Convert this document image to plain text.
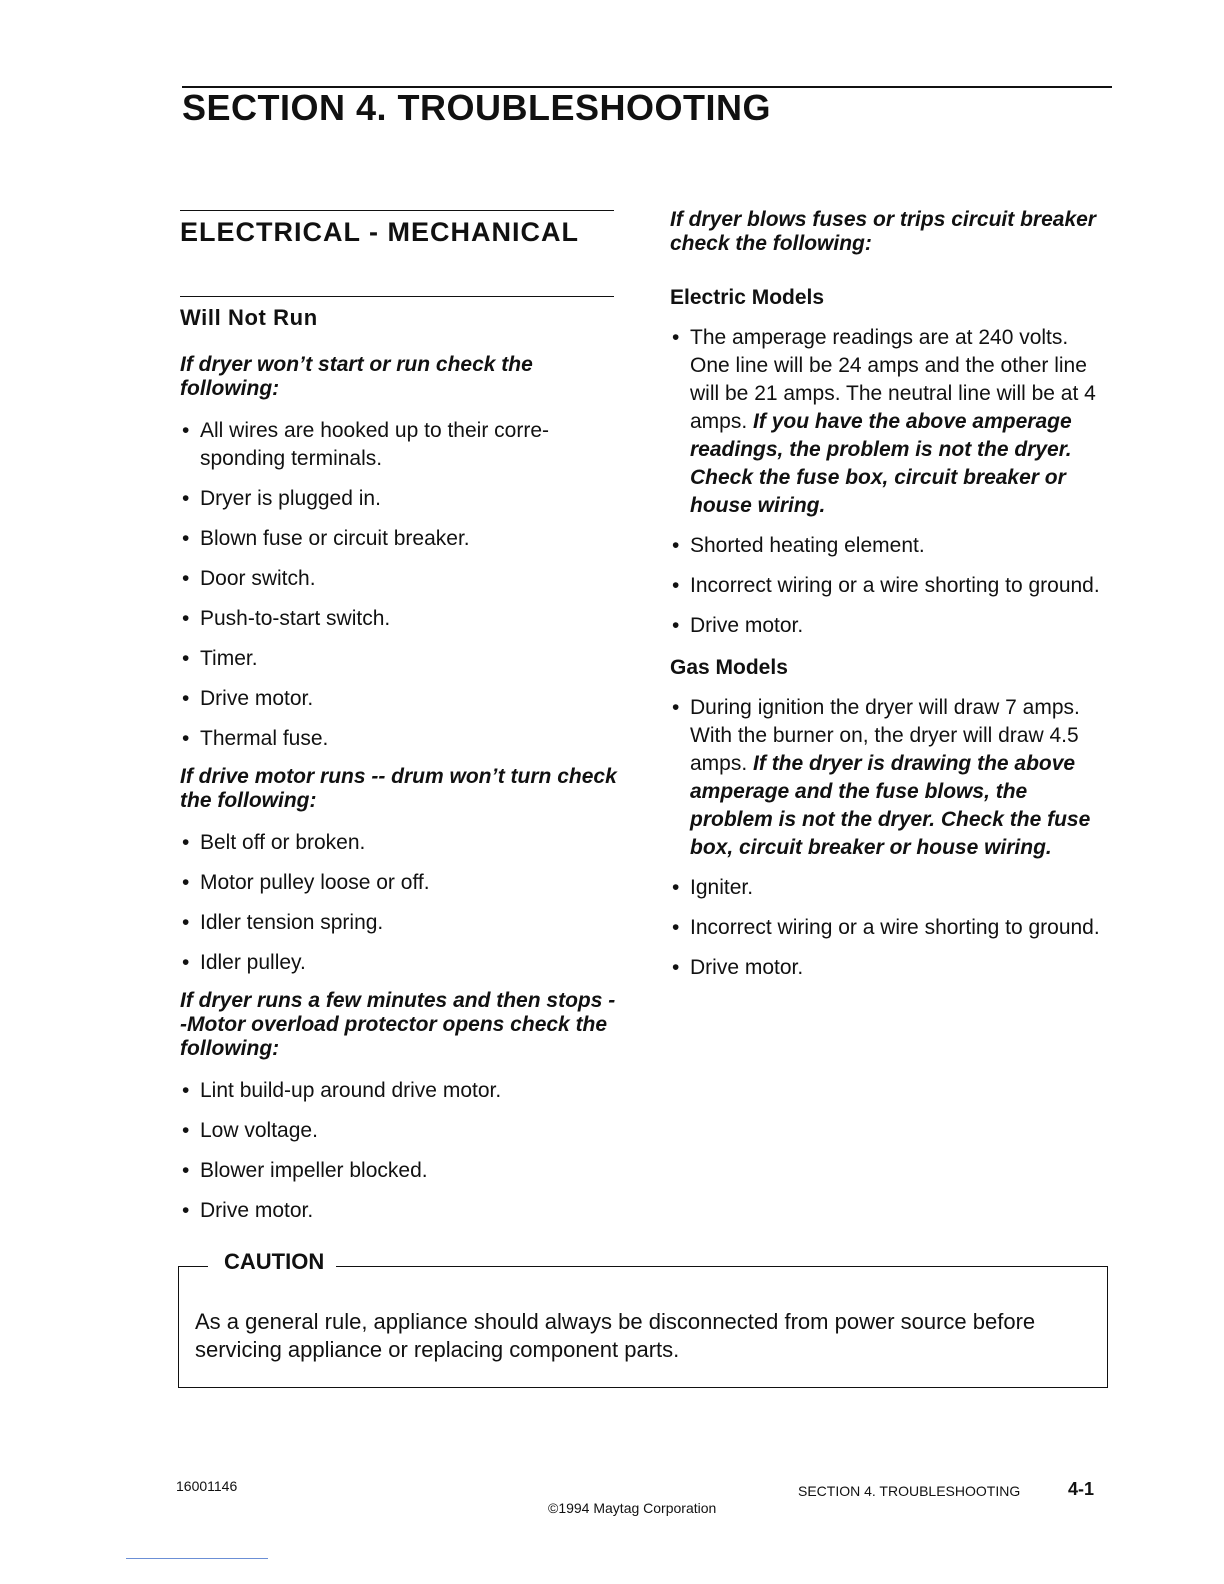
SECTION 4. TROUBLESHOOTING
ELECTRICAL - MECHANICAL
Will Not Run
If dryer won’t start or run check the following:
• All wires are hooked up to their corre-sponding terminals.
• Dryer is plugged in.
• Blown fuse or circuit breaker.
• Door switch.
• Push-to-start switch.
• Timer.
• Drive motor.
• Thermal fuse.
If drive motor runs -- drum won’t turn check the following:
• Belt off or broken.
• Motor pulley loose or off.
• Idler tension spring.
• Idler pulley.
If dryer runs a few minutes and then stops --Motor overload protector opens check the following:
• Lint build-up around drive motor.
• Low voltage.
• Blower impeller blocked.
• Drive motor.
If dryer blows fuses or trips circuit breaker check the following:
Electric Models
• The amperage readings are at 240 volts. One line will be 24 amps and the other line will be 21 amps. The neutral line will be at 4 amps. If you have the above amperage readings, the problem is not the dryer. Check the fuse box, circuit breaker or house wiring.
• Shorted heating element.
• Incorrect wiring or a wire shorting to ground.
• Drive motor.
Gas Models
• During ignition the dryer will draw 7 amps. With the burner on, the dryer will draw 4.5 amps. If the dryer is drawing the above amperage and the fuse blows, the problem is not the dryer. Check the fuse box, circuit breaker or house wiring.
• Igniter.
• Incorrect wiring or a wire shorting to ground.
• Drive motor.
CAUTION
As a general rule, appliance should always be disconnected from power source before servicing appliance or replacing component parts.
16001146
©1994 Maytag Corporation
SECTION 4. TROUBLESHOOTING	4-1
